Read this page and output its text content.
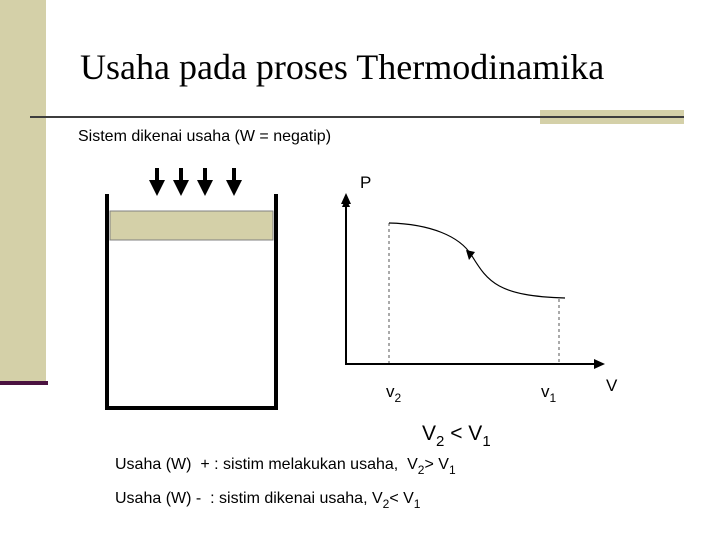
Usaha pada proses Thermodinamika
Sistem dikenai usaha (W = negatip)
P
V
$v_2$	$v_1$
$V_2 < V_1$
Usaha (W)  + : sistim melakukan usaha,  $V_2> V_1$
Usaha (W) -  : sistim dikenai usaha, $V_2< V_1$
